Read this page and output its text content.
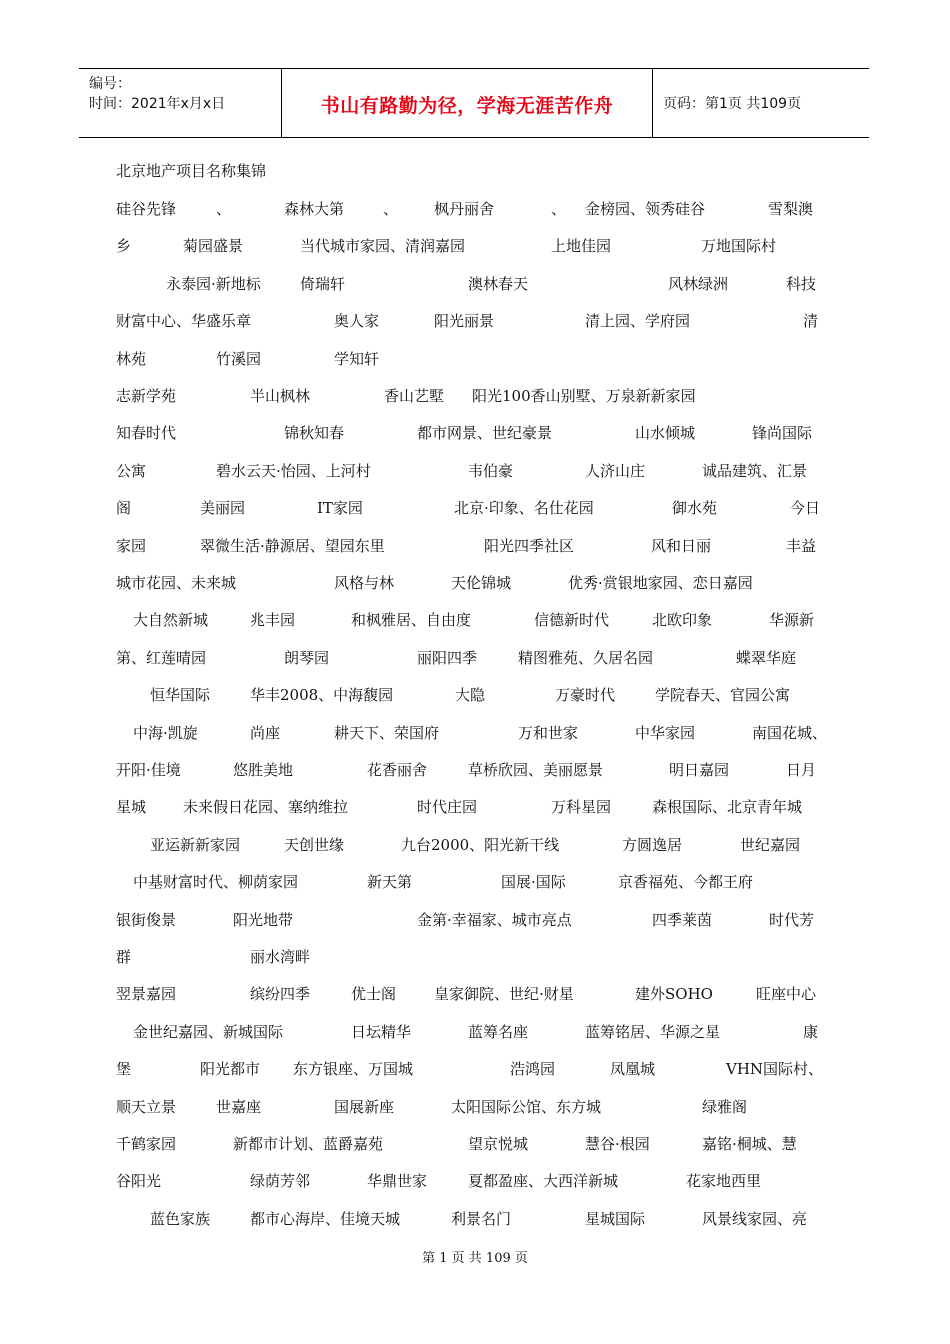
编号：
时间：2021年x月x日	书山有路勤为径，学海无涯苦作舟	页码：第1页 共109页
北京地产项目名称集锦
硅谷先锋	、	森林大第	、 枫丹丽舍	、 金榜园、领秀硅谷	雪梨澳
乡	菊园盛景	当代城市家园、清润嘉园	上地佳园	万地国际村
永泰园·新地标	倚瑞轩	澳林春天	风林绿洲	科技
财富中心、华盛乐章	奥人家	阳光丽景	清上园、学府园	清
林苑	竹溪园	学知轩
志新学苑	半山枫林	香山艺墅 阳光100香山别墅、万泉新新家园
知春时代	锦秋知春	都市网景、世纪豪景	山水倾城	锋尚国际
公寓	碧水云天·怡园、上河村	韦伯豪	人济山庄	诚品建筑、汇景
阁	美丽园	IT家园	北京·印象、名仕花园	御水苑	今日
家园	翠微生活·静源居、望园东里	阳光四季社区	风和日丽	丰益
城市花园、未来城	风格与林	天伦锦城	优秀·赏银地家园、恋日嘉园
大自然新城	兆丰园	和枫雅居、自由度	信德新时代	北欧印象	华源新
第、红莲晴园	朗琴园	丽阳四季	精图雅苑、久居名园	蝶翠华庭
恒华国际	华丰2008、中海馥园	大隐	万豪时代	学院春天、官园公寓
中海·凯旋	尚座	耕天下、荣国府	万和世家	中华家园	南国花城、
开阳·佳境	悠胜美地	花香丽舍	草桥欣园、美丽愿景	明日嘉园	日月
星城 未来假日花园、塞纳维拉	时代庄园	万科星园	森根国际、北京青年城
亚运新新家园	天创世缘	九台2000、阳光新干线	方圆逸居	世纪嘉园
中基财富时代、柳荫家园	新天第	国展·国际	京香福苑、今都王府
银街俊景	阳光地带	金第·幸福家、城市亮点	四季莱茵	时代芳
群	丽水湾畔
翌景嘉园	缤纷四季	优士阁	皇家御院、世纪·财星	建外SOHO	旺座中心
金世纪嘉园、新城国际	日坛精华	蓝筹名座	蓝筹铭居、华源之星	康
堡	阳光都市 东方银座、万国城	浩鸿园	凤凰城	VHN国际村、
顺天立景	世嘉座	国展新座	太阳国际公馆、东方城	绿雅阁
千鹤家园	新都市计划、蓝爵嘉苑	望京悦城	慧谷·根园	嘉铭·桐城、慧
谷阳光	绿荫芳邻	华鼎世家	夏都盈座、大西洋新城	花家地西里
蓝色家族	都市心海岸、佳境天城	利景名门	星城国际	风景线家园、亮
第 1 页 共 109 页
